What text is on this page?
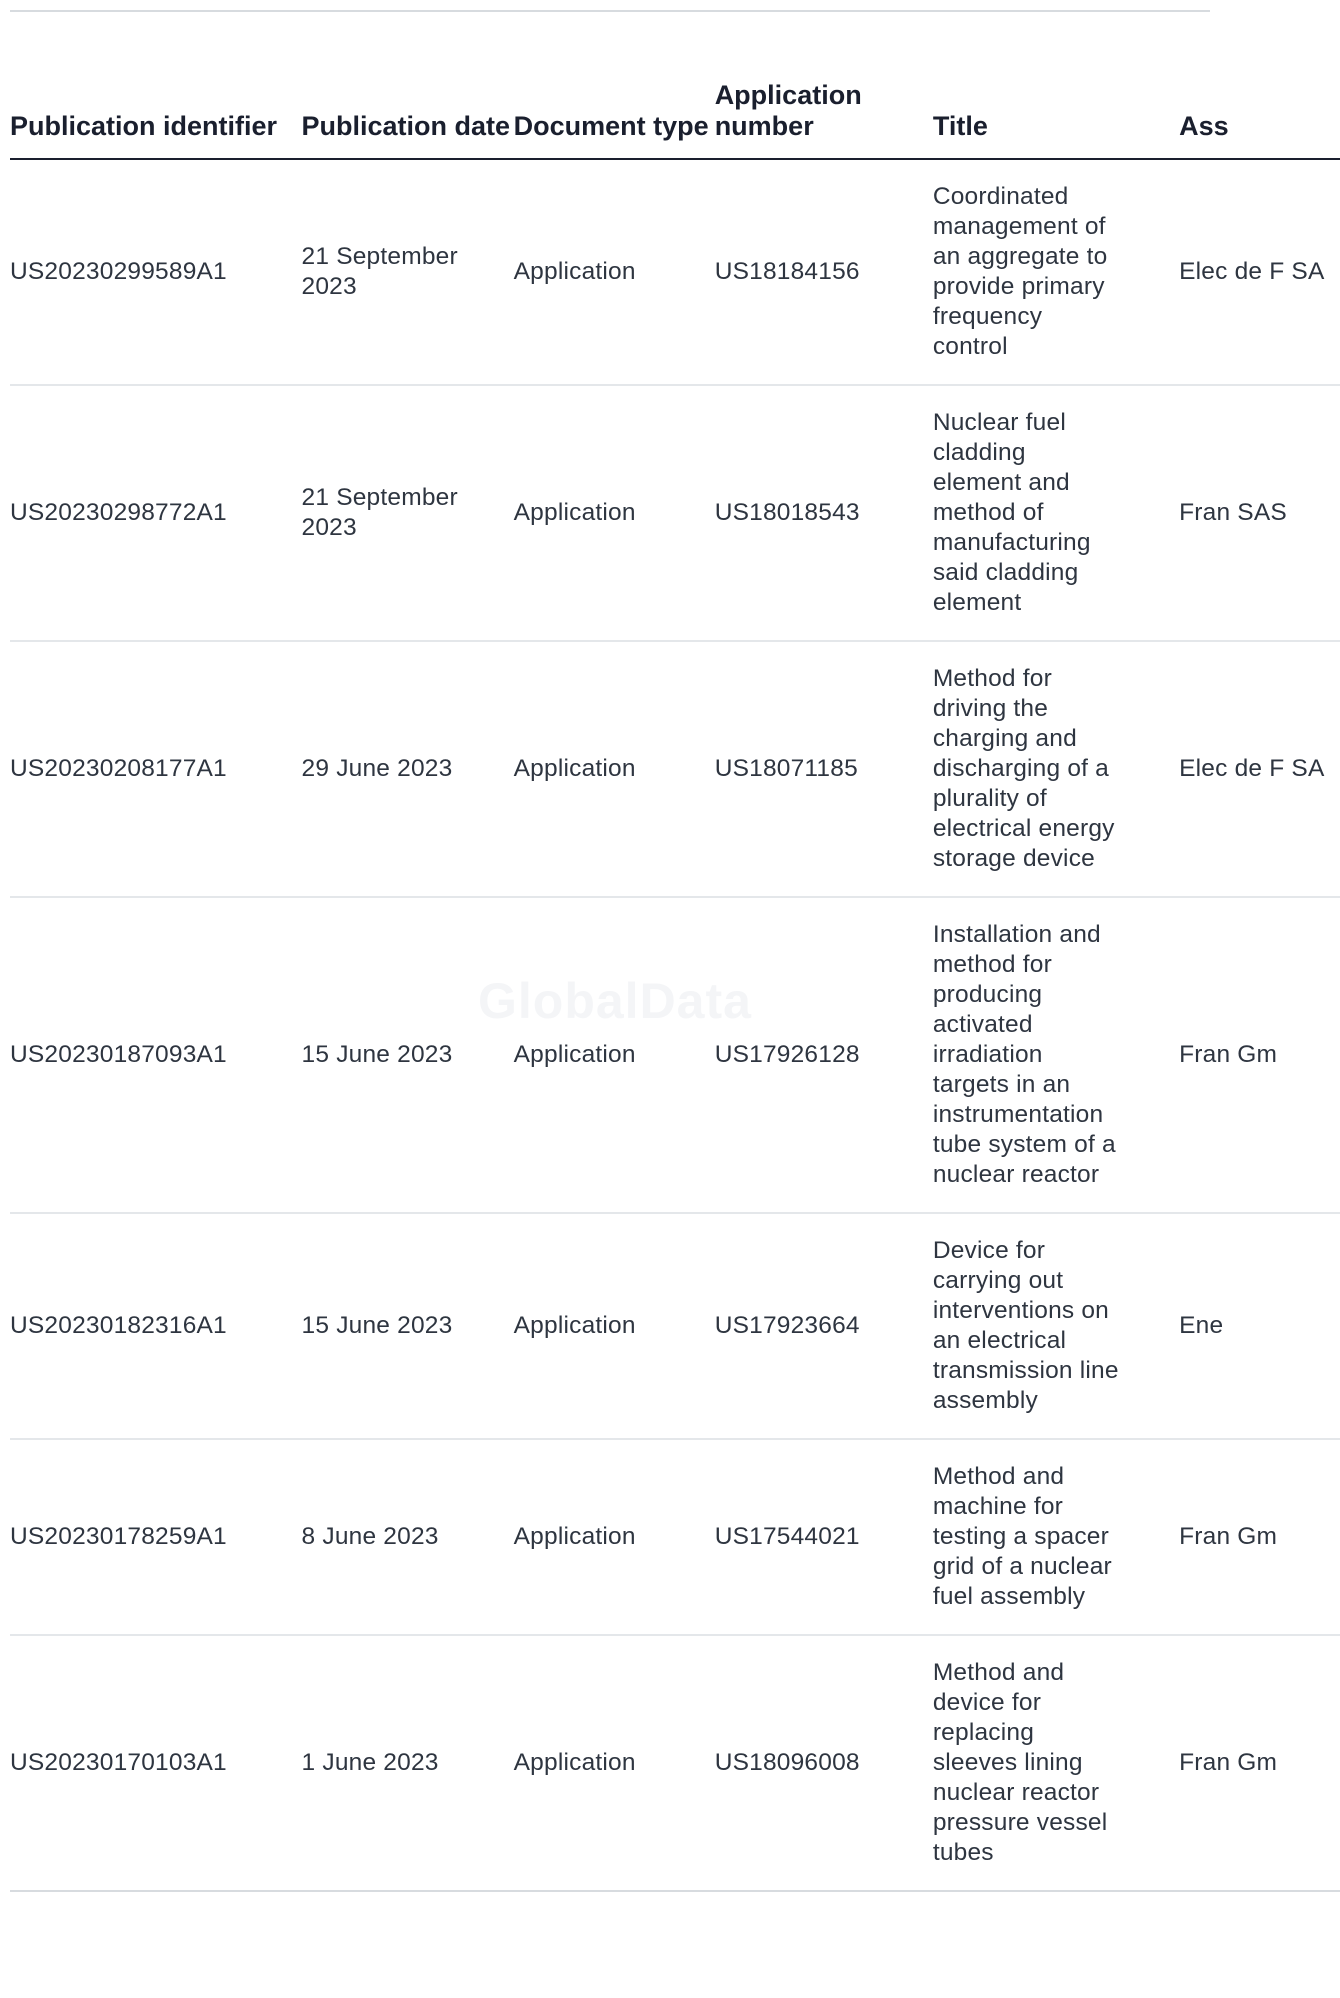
Publication identifier	Publication date	Document type	Application number	Title	Ass
US20230299589A1	21 September 2023	Application	US18184156	Coordinated management of an aggregate to provide primary frequency control	Elec de F SA
US20230298772A1	21 September 2023	Application	US18018543	Nuclear fuel cladding element and method of manufacturing said cladding element	Fran SAS
US20230208177A1	29 June 2023	Application	US18071185	Method for driving the charging and discharging of a plurality of electrical energy storage device	Elec de F SA
US20230187093A1	15 June 2023	Application	US17926128	Installation and method for producing activated irradiation targets in an instrumentation tube system of a nuclear reactor	Fran Gm
US20230182316A1	15 June 2023	Application	US17923664	Device for carrying out interventions on an electrical transmission line assembly	Ene
US20230178259A1	8 June 2023	Application	US17544021	Method and machine for testing a spacer grid of a nuclear fuel assembly	Fran Gm
US20230170103A1	1 June 2023	Application	US18096008	Method and device for replacing sleeves lining nuclear reactor pressure vessel tubes	Fran Gm
GlobalData
